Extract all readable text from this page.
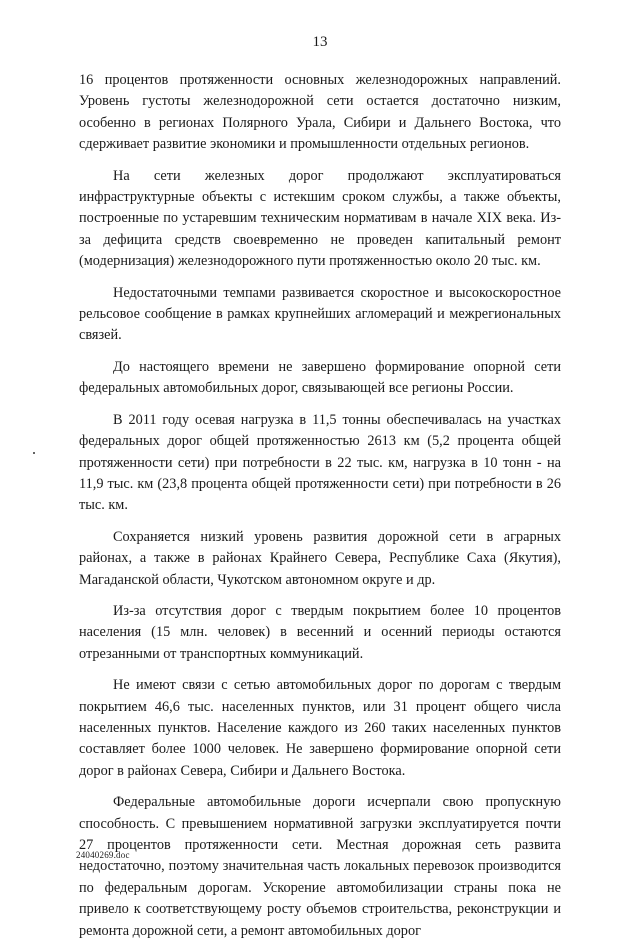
13

16 процентов протяженности основных железнодорожных направлений. Уровень густоты железнодорожной сети остается достаточно низким, особенно в регионах Полярного Урала, Сибири и Дальнего Востока, что сдерживает развитие экономики и промышленности отдельных регионов.

На сети железных дорог продолжают эксплуатироваться инфраструктурные объекты с истекшим сроком службы, а также объекты, построенные по устаревшим техническим нормативам в начале XIX века. Из-за дефицита средств своевременно не проведен капитальный ремонт (модернизация) железнодорожного пути протяженностью около 20 тыс. км.

Недостаточными темпами развивается скоростное и высокоскоростное рельсовое сообщение в рамках крупнейших агломераций и межрегиональных связей.

До настоящего времени не завершено формирование опорной сети федеральных автомобильных дорог, связывающей все регионы России.

В 2011 году осевая нагрузка в 11,5 тонны обеспечивалась на участках федеральных дорог общей протяженностью 2613 км (5,2 процента общей протяженности сети) при потребности в 22 тыс. км, нагрузка в 10 тонн - на 11,9 тыс. км (23,8 процента общей протяженности сети) при потребности в 26 тыс. км.

Сохраняется низкий уровень развития дорожной сети в аграрных районах, а также в районах Крайнего Севера, Республике Саха (Якутия), Магаданской области, Чукотском автономном округе и др.

Из-за отсутствия дорог с твердым покрытием более 10 процентов населения (15 млн. человек) в весенний и осенний периоды остаются отрезанными от транспортных коммуникаций.

Не имеют связи с сетью автомобильных дорог по дорогам с твердым покрытием 46,6 тыс. населенных пунктов, или 31 процент общего числа населенных пунктов. Население каждого из 260 таких населенных пунктов составляет более 1000 человек. Не завершено формирование опорной сети дорог в районах Севера, Сибири и Дальнего Востока.

Федеральные автомобильные дороги исчерпали свою пропускную способность. С превышением нормативной загрузки эксплуатируется почти 27 процентов протяженности сети. Местная дорожная сеть развита недостаточно, поэтому значительная часть локальных перевозок производится по федеральным дорогам. Ускорение автомобилизации страны пока не привело к соответствующему росту объемов строительства, реконструкции и ремонта дорожной сети, а ремонт автомобильных дорог

24040269.doc
